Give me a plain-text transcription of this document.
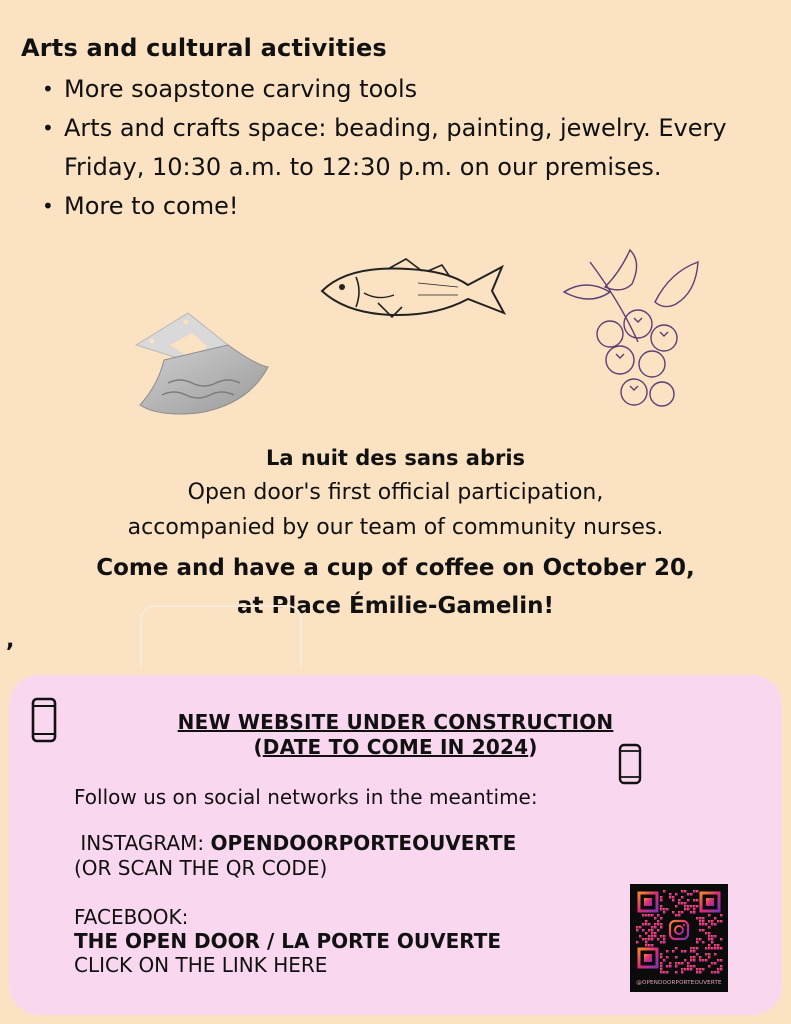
Arts and cultural activities
• More soapstone carving tools
• Arts and crafts space: beading, painting, jewelry. Every Friday, 10:30 a.m. to 12:30 p.m. on our premises.
• More to come!
La nuit des sans abris
Open door's first official participation,
accompanied by our team of community nurses.
Come and have a cup of coffee on October 20,
at Place Émilie-Gamelin!
,
NEW WEBSITE UNDER CONSTRUCTION
(DATE TO COME IN 2024)
Follow us on social networks in the meantime:
INSTAGRAM: OPENDOORPORTEOUVERTE
(OR SCAN THE QR CODE)
FACEBOOK:
THE OPEN DOOR / LA PORTE OUVERTE
CLICK ON THE LINK HERE
@OPENDOORPORTEOUVERTE
